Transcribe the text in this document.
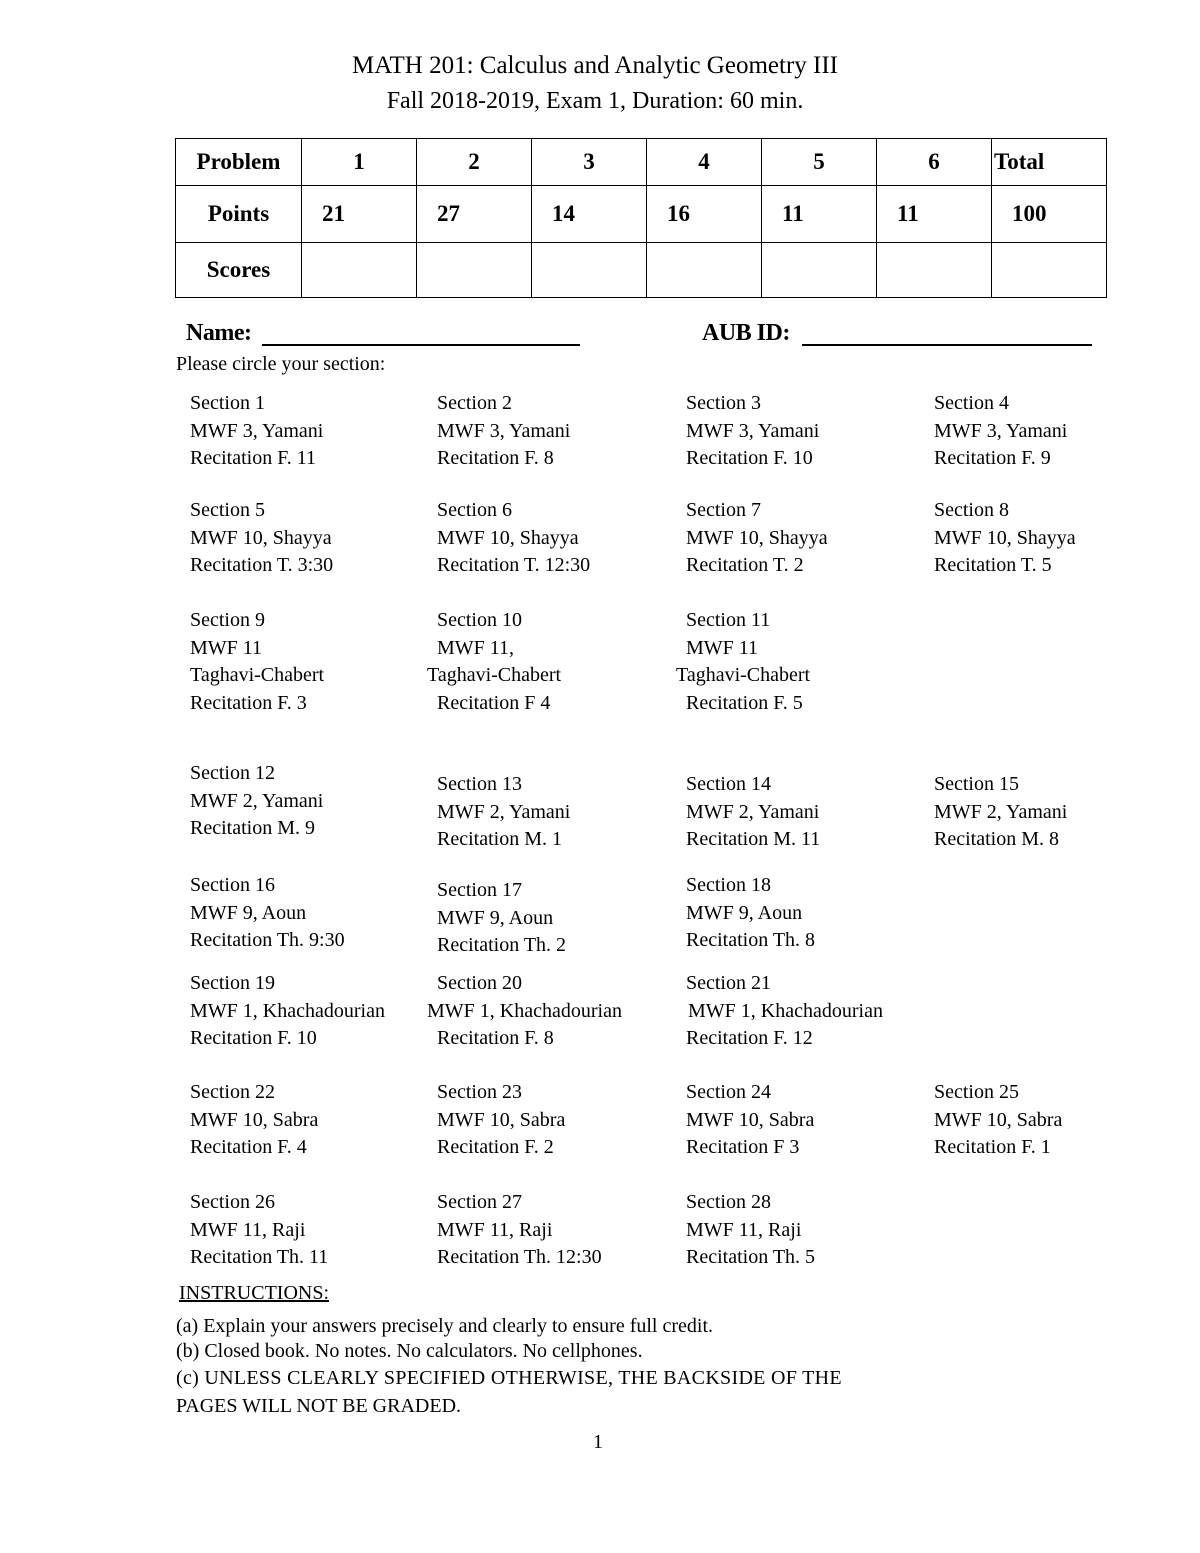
MATH 201: Calculus and Analytic Geometry III
Fall 2018-2019, Exam 1, Duration: 60 min.
Problem	1	2	3	4	5	6	Total
Points	21	27	14	16	11	11	100
Scores							
Name:	AUB ID:
Please circle your section:
Section 1
MWF 3, Yamani
Recitation F. 11
Section 2
MWF 3, Yamani
Recitation F. 8
Section 3
MWF 3, Yamani
Recitation F. 10
Section 4
MWF 3, Yamani
Recitation F. 9
Section 5
MWF 10, Shayya
Recitation T. 3:30
Section 6
MWF 10, Shayya
Recitation T. 12:30
Section 7
MWF 10, Shayya
Recitation T. 2
Section 8
MWF 10, Shayya
Recitation T. 5
Section 9
MWF 11
Taghavi-Chabert
Recitation F. 3
Section 10
MWF 11,
Taghavi-Chabert
Recitation F 4
Section 11
MWF 11
Taghavi-Chabert
Recitation F. 5
Section 12
MWF 2, Yamani
Recitation M. 9
Section 13
MWF 2, Yamani
Recitation M. 1
Section 14
MWF 2, Yamani
Recitation M. 11
Section 15
MWF 2, Yamani
Recitation M. 8
Section 16
MWF 9, Aoun
Recitation Th. 9:30
Section 17
MWF 9, Aoun
Recitation Th. 2
Section 18
MWF 9, Aoun
Recitation Th. 8
Section 19
MWF 1, Khachadourian
Recitation F. 10
Section 20
MWF 1, Khachadourian
Recitation F. 8
Section 21
MWF 1, Khachadourian
Recitation F. 12
Section 22
MWF 10, Sabra
Recitation F. 4
Section 23
MWF 10, Sabra
Recitation F. 2
Section 24
MWF 10, Sabra
Recitation F 3
Section 25
MWF 10, Sabra
Recitation F. 1
Section 26
MWF 11, Raji
Recitation Th. 11
Section 27
MWF 11, Raji
Recitation Th. 12:30
Section 28
MWF 11, Raji
Recitation Th. 5
INSTRUCTIONS:
(a) Explain your answers precisely and clearly to ensure full credit.
(b) Closed book. No notes. No calculators. No cellphones.
(c) UNLESS CLEARLY SPECIFIED OTHERWISE, THE BACKSIDE OF THE
PAGES WILL NOT BE GRADED.
1
